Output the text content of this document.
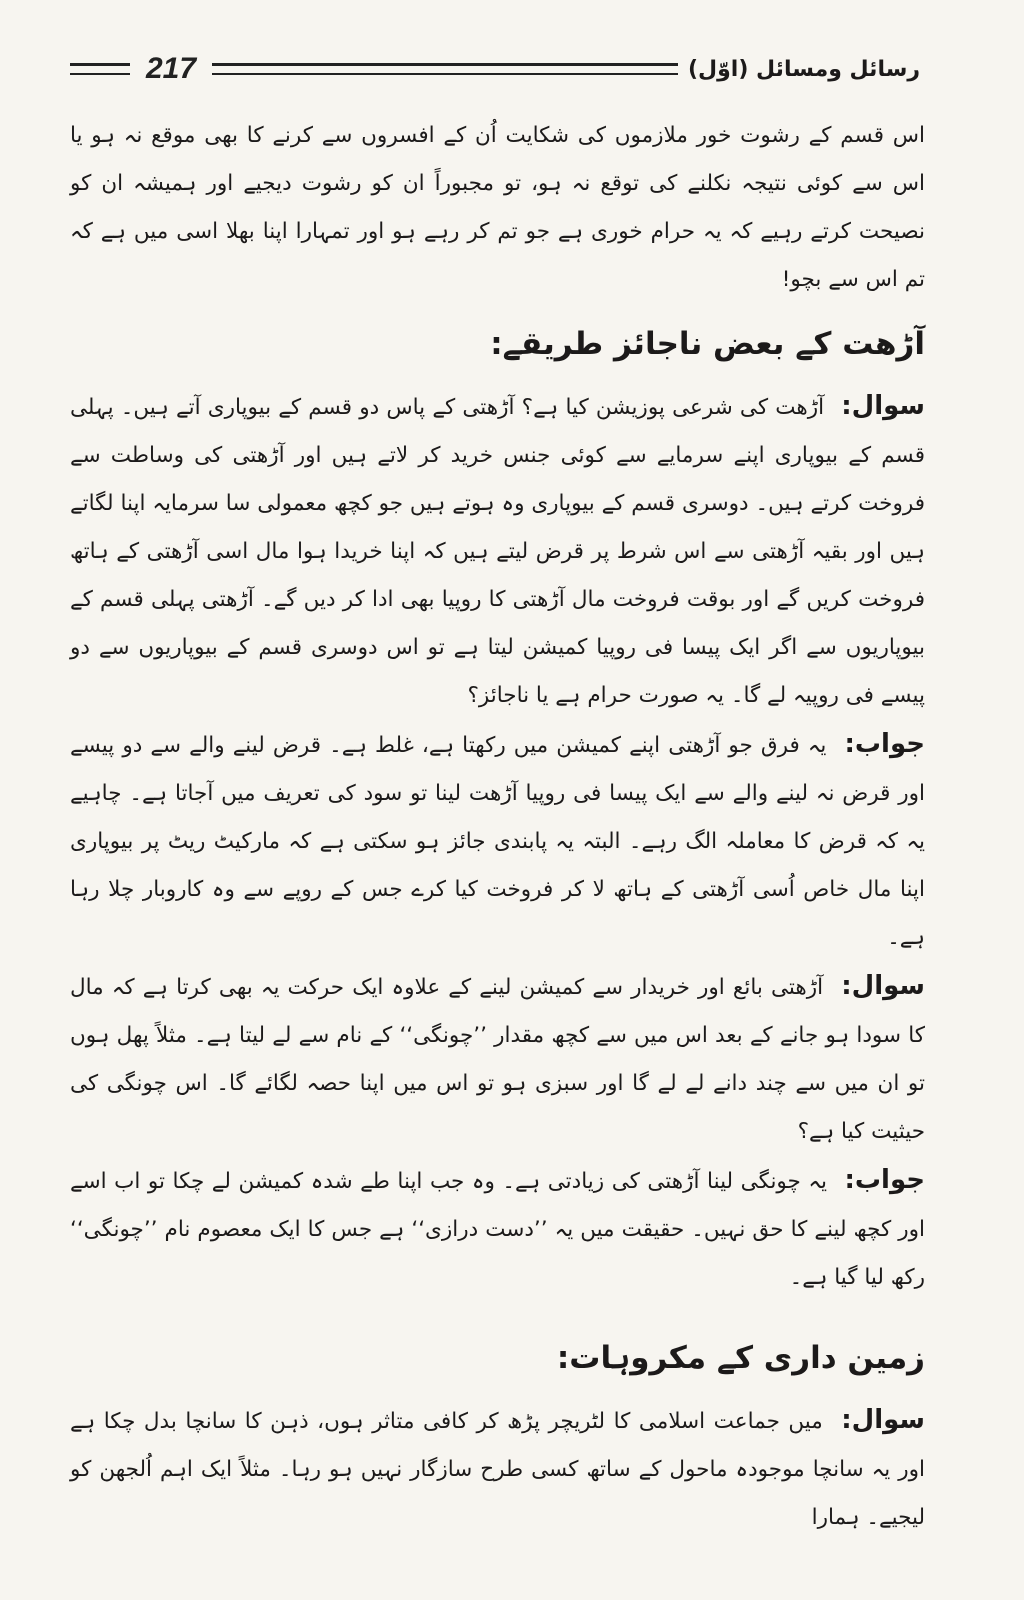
217	رسائل ومسائل (اوّل)

اس قسم کے رشوت خور ملازموں کی شکایت اُن کے افسروں سے کرنے کا بھی موقع نہ ہو یا اس سے کوئی نتیجہ نکلنے کی توقع نہ ہو، تو مجبوراً ان کو رشوت دیجیے اور ہمیشہ ان کو نصیحت کرتے رہیے کہ یہ حرام خوری ہے جو تم کر رہے ہو اور تمہارا اپنا بھلا اسی میں ہے کہ تم اس سے بچو!

آڑھت کے بعض ناجائز طریقے:

سوال: آڑھت کی شرعی پوزیشن کیا ہے؟ آڑھتی کے پاس دو قسم کے بیوپاری آتے ہیں۔ پہلی قسم کے بیوپاری اپنے سرمایے سے کوئی جنس خرید کر لاتے ہیں اور آڑھتی کی وساطت سے فروخت کرتے ہیں۔ دوسری قسم کے بیوپاری وہ ہوتے ہیں جو کچھ معمولی سا سرمایہ اپنا لگاتے ہیں اور بقیہ آڑھتی سے اس شرط پر قرض لیتے ہیں کہ اپنا خریدا ہوا مال اسی آڑھتی کے ہاتھ فروخت کریں گے اور بوقت فروخت مال آڑھتی کا روپیا بھی ادا کر دیں گے۔ آڑھتی پہلی قسم کے بیوپاریوں سے اگر ایک پیسا فی روپیا کمیشن لیتا ہے تو اس دوسری قسم کے بیوپاریوں سے دو پیسے فی روپیہ لے گا۔ یہ صورت حرام ہے یا ناجائز؟

جواب: یہ فرق جو آڑھتی اپنے کمیشن میں رکھتا ہے، غلط ہے۔ قرض لینے والے سے دو پیسے اور قرض نہ لینے والے سے ایک پیسا فی روپیا آڑھت لینا تو سود کی تعریف میں آجاتا ہے۔ چاہیے یہ کہ قرض کا معاملہ الگ رہے۔ البتہ یہ پابندی جائز ہو سکتی ہے کہ مارکیٹ ریٹ پر بیوپاری اپنا مال خاص اُسی آڑھتی کے ہاتھ لا کر فروخت کیا کرے جس کے روپے سے وہ کاروبار چلا رہا ہے۔

سوال: آڑھتی بائع اور خریدار سے کمیشن لینے کے علاوہ ایک حرکت یہ بھی کرتا ہے کہ مال کا سودا ہو جانے کے بعد اس میں سے کچھ مقدار ’’چونگی‘‘ کے نام سے لے لیتا ہے۔ مثلاً پھل ہوں تو ان میں سے چند دانے لے لے گا اور سبزی ہو تو اس میں اپنا حصہ لگائے گا۔ اس چونگی کی حیثیت کیا ہے؟

جواب: یہ چونگی لینا آڑھتی کی زیادتی ہے۔ وہ جب اپنا طے شدہ کمیشن لے چکا تو اب اسے اور کچھ لینے کا حق نہیں۔ حقیقت میں یہ ’’دست درازی‘‘ ہے جس کا ایک معصوم نام ’’چونگی‘‘ رکھ لیا گیا ہے۔

زمین داری کے مکروہات:

سوال: میں جماعت اسلامی کا لٹریچر پڑھ کر کافی متاثر ہوں، ذہن کا سانچا بدل چکا ہے اور یہ سانچا موجودہ ماحول کے ساتھ کسی طرح سازگار نہیں ہو رہا۔ مثلاً ایک اہم اُلجھن کو لیجیے۔ ہمارا
